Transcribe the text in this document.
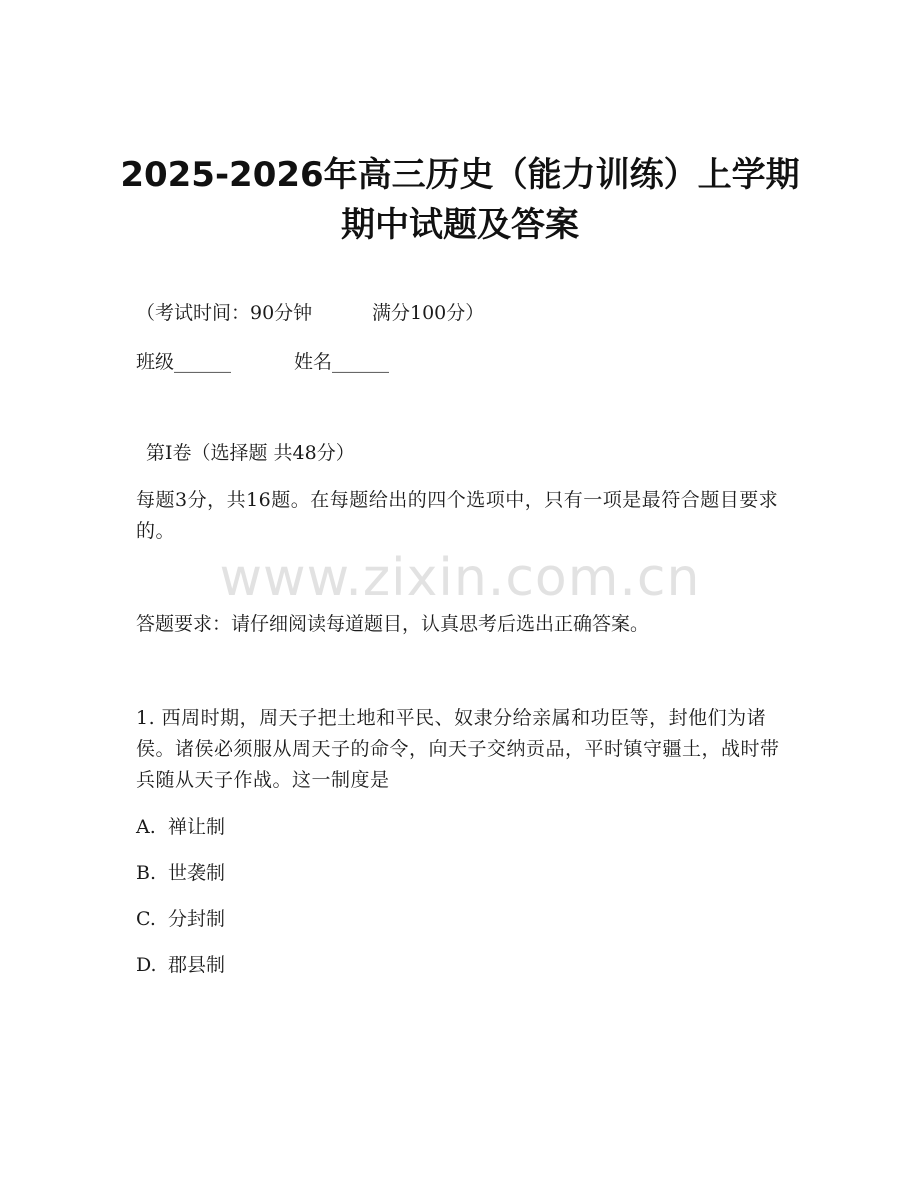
2025-2026年高三历史（能力训练）上学期
期中试题及答案
（考试时间：90分钟	满分100分）
班级______	姓名______
第Ⅰ卷（选择题 共48分）
每题3分，共16题。在每题给出的四个选项中，只有一项是最符合题目要求的。
www.zixin.com.cn
答题要求：请仔细阅读每道题目，认真思考后选出正确答案。
1. 西周时期，周天子把土地和平民、奴隶分给亲属和功臣等，封他们为诸侯。诸侯必须服从周天子的命令，向天子交纳贡品，平时镇守疆土，战时带兵随从天子作战。这一制度是
A. 禅让制
B. 世袭制
C. 分封制
D. 郡县制
